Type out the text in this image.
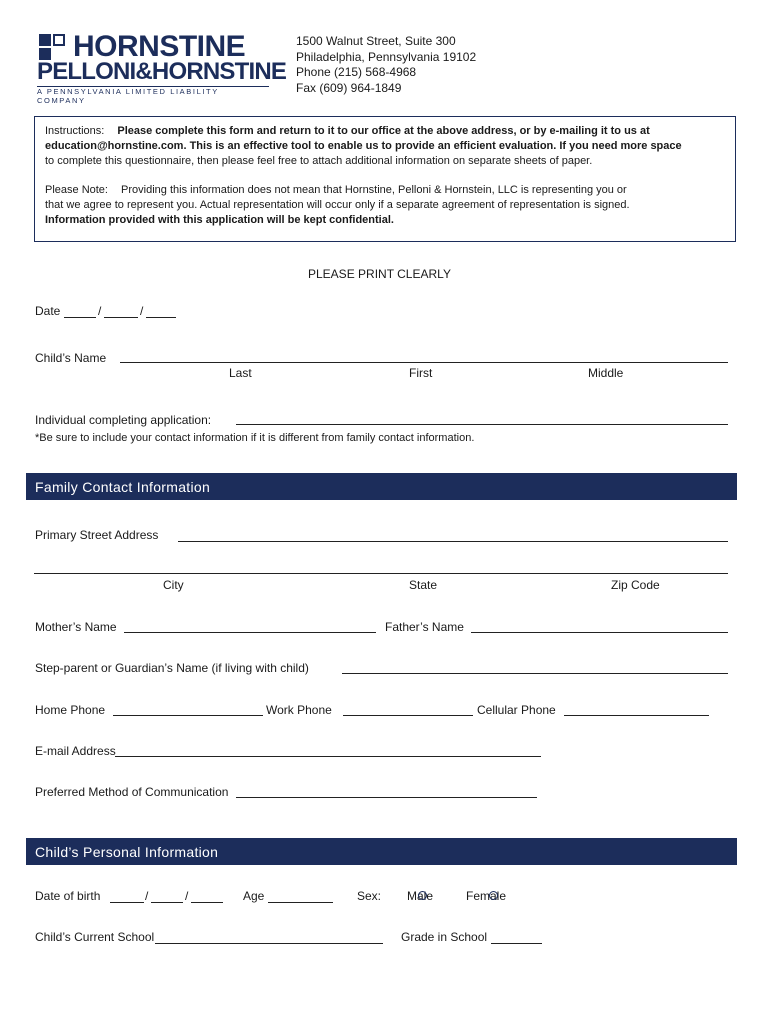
HORNSTINE
PELLONI&HORNSTINE
A PENNSYLVANIA LIMITED LIABILITY COMPANY
1500 Walnut Street, Suite 300
Philadelphia, Pennsylvania 19102
Phone (215) 568-4968
Fax (609) 964-1849
Instructions: Please complete this form and return to it to our office at the above address, or by e-mailing it to us at
education@hornstine.com. This is an effective tool to enable us to provide an efficient evaluation. If you need more space
to complete this questionnaire, then please feel free to attach additional information on separate sheets of paper.
Please Note: Providing this information does not mean that Hornstine, Pelloni & Hornstein, LLC is representing you or
that we agree to represent you. Actual representation will occur only if a separate agreement of representation is signed.
Information provided with this application will be kept confidential.
PLEASE PRINT CLEARLY
Date	/	/
Child’s Name
Last	First	Middle
Individual completing application:
*Be sure to include your contact information if it is different from family contact information.
Family Contact Information
Primary Street Address
City	State	Zip Code
Mother’s Name	Father’s Name
Step-parent or Guardian’s Name (if living with child)
Home Phone	Work Phone	Cellular Phone
E-mail Address
Preferred Method of Communication
Child’s Personal Information
Date of birth	/	/	Age	Sex: Male	Female
Child’s Current School	Grade in School
